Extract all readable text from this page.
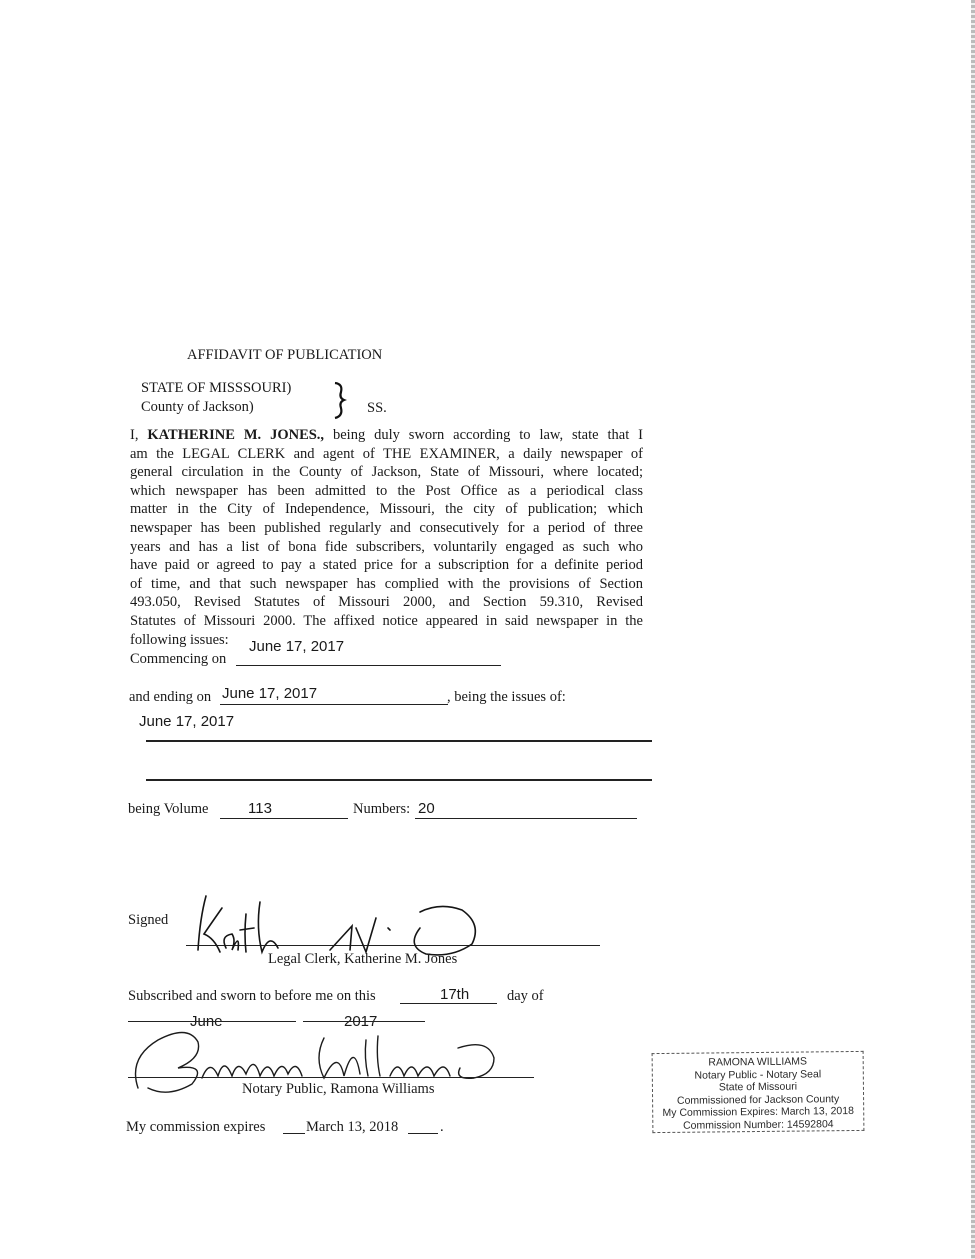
AFFIDAVIT OF PUBLICATION
STATE OF MISSSOURI)
County of Jackson)	SS.
I, KATHERINE M. JONES., being duly sworn according to law, state that I
am the LEGAL CLERK and agent of THE EXAMINER, a daily newspaper of
general circulation in the County of Jackson, State of Missouri, where located;
which newspaper has been admitted to the Post Office as a periodical class
matter in the City of Independence, Missouri, the city of publication; which
newspaper has been published regularly and consecutively for a period of three
years and has a list of bona fide subscribers, voluntarily engaged as such who
have paid or agreed to pay a stated price for a subscription for a definite period
of time, and that such newspaper has complied with the provisions of Section
493.050, Revised Statutes of Missouri 2000, and Section 59.310, Revised
Statutes of Missouri 2000. The affixed notice appeared in said newspaper in the
following issues:
Commencing on
June 17, 2017
and ending on June 17, 2017	, being the issues of:
June 17, 2017
being Volume	113	Numbers: 20
Signed
Legal Clerk, Katherine M. Jones
Subscribed and sworn to before me on this	17th	day of
June	2017
Notary Public, Ramona Williams
My commission expires	March 13, 2018	.
RAMONA WILLIAMS
Notary Public - Notary Seal
State of Missouri
Commissioned for Jackson County
My Commission Expires: March 13, 2018
Commission Number: 14592804
